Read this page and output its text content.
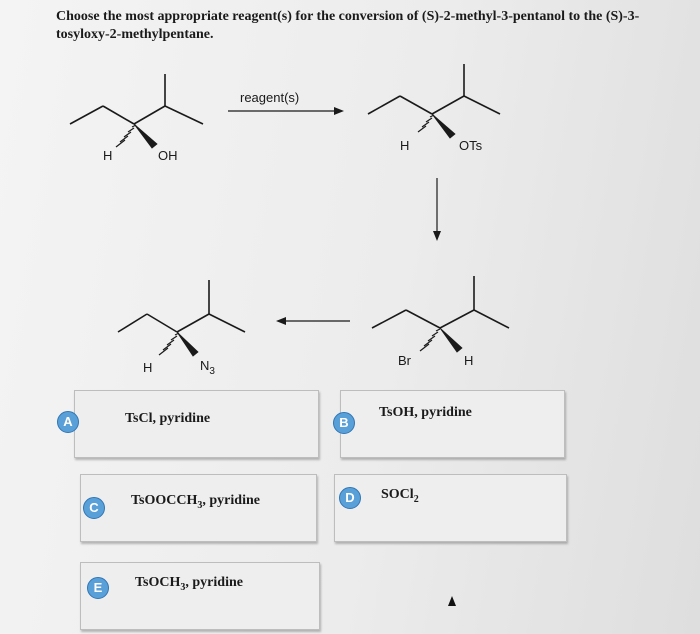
Choose the most appropriate reagent(s) for the conversion of (S)-2-methyl-3-pentanol to the (S)-3-tosyloxy-2-methylpentane.
H	OH
reagent(s)
H	OTs
Br	H
H	$N_3$
A	TsCl, pyridine	B
TsOH, pyridine
C	TsOOCCH$_3$, pyridine	D	SOCl$_2$
E	TsOCH$_3$, pyridine
